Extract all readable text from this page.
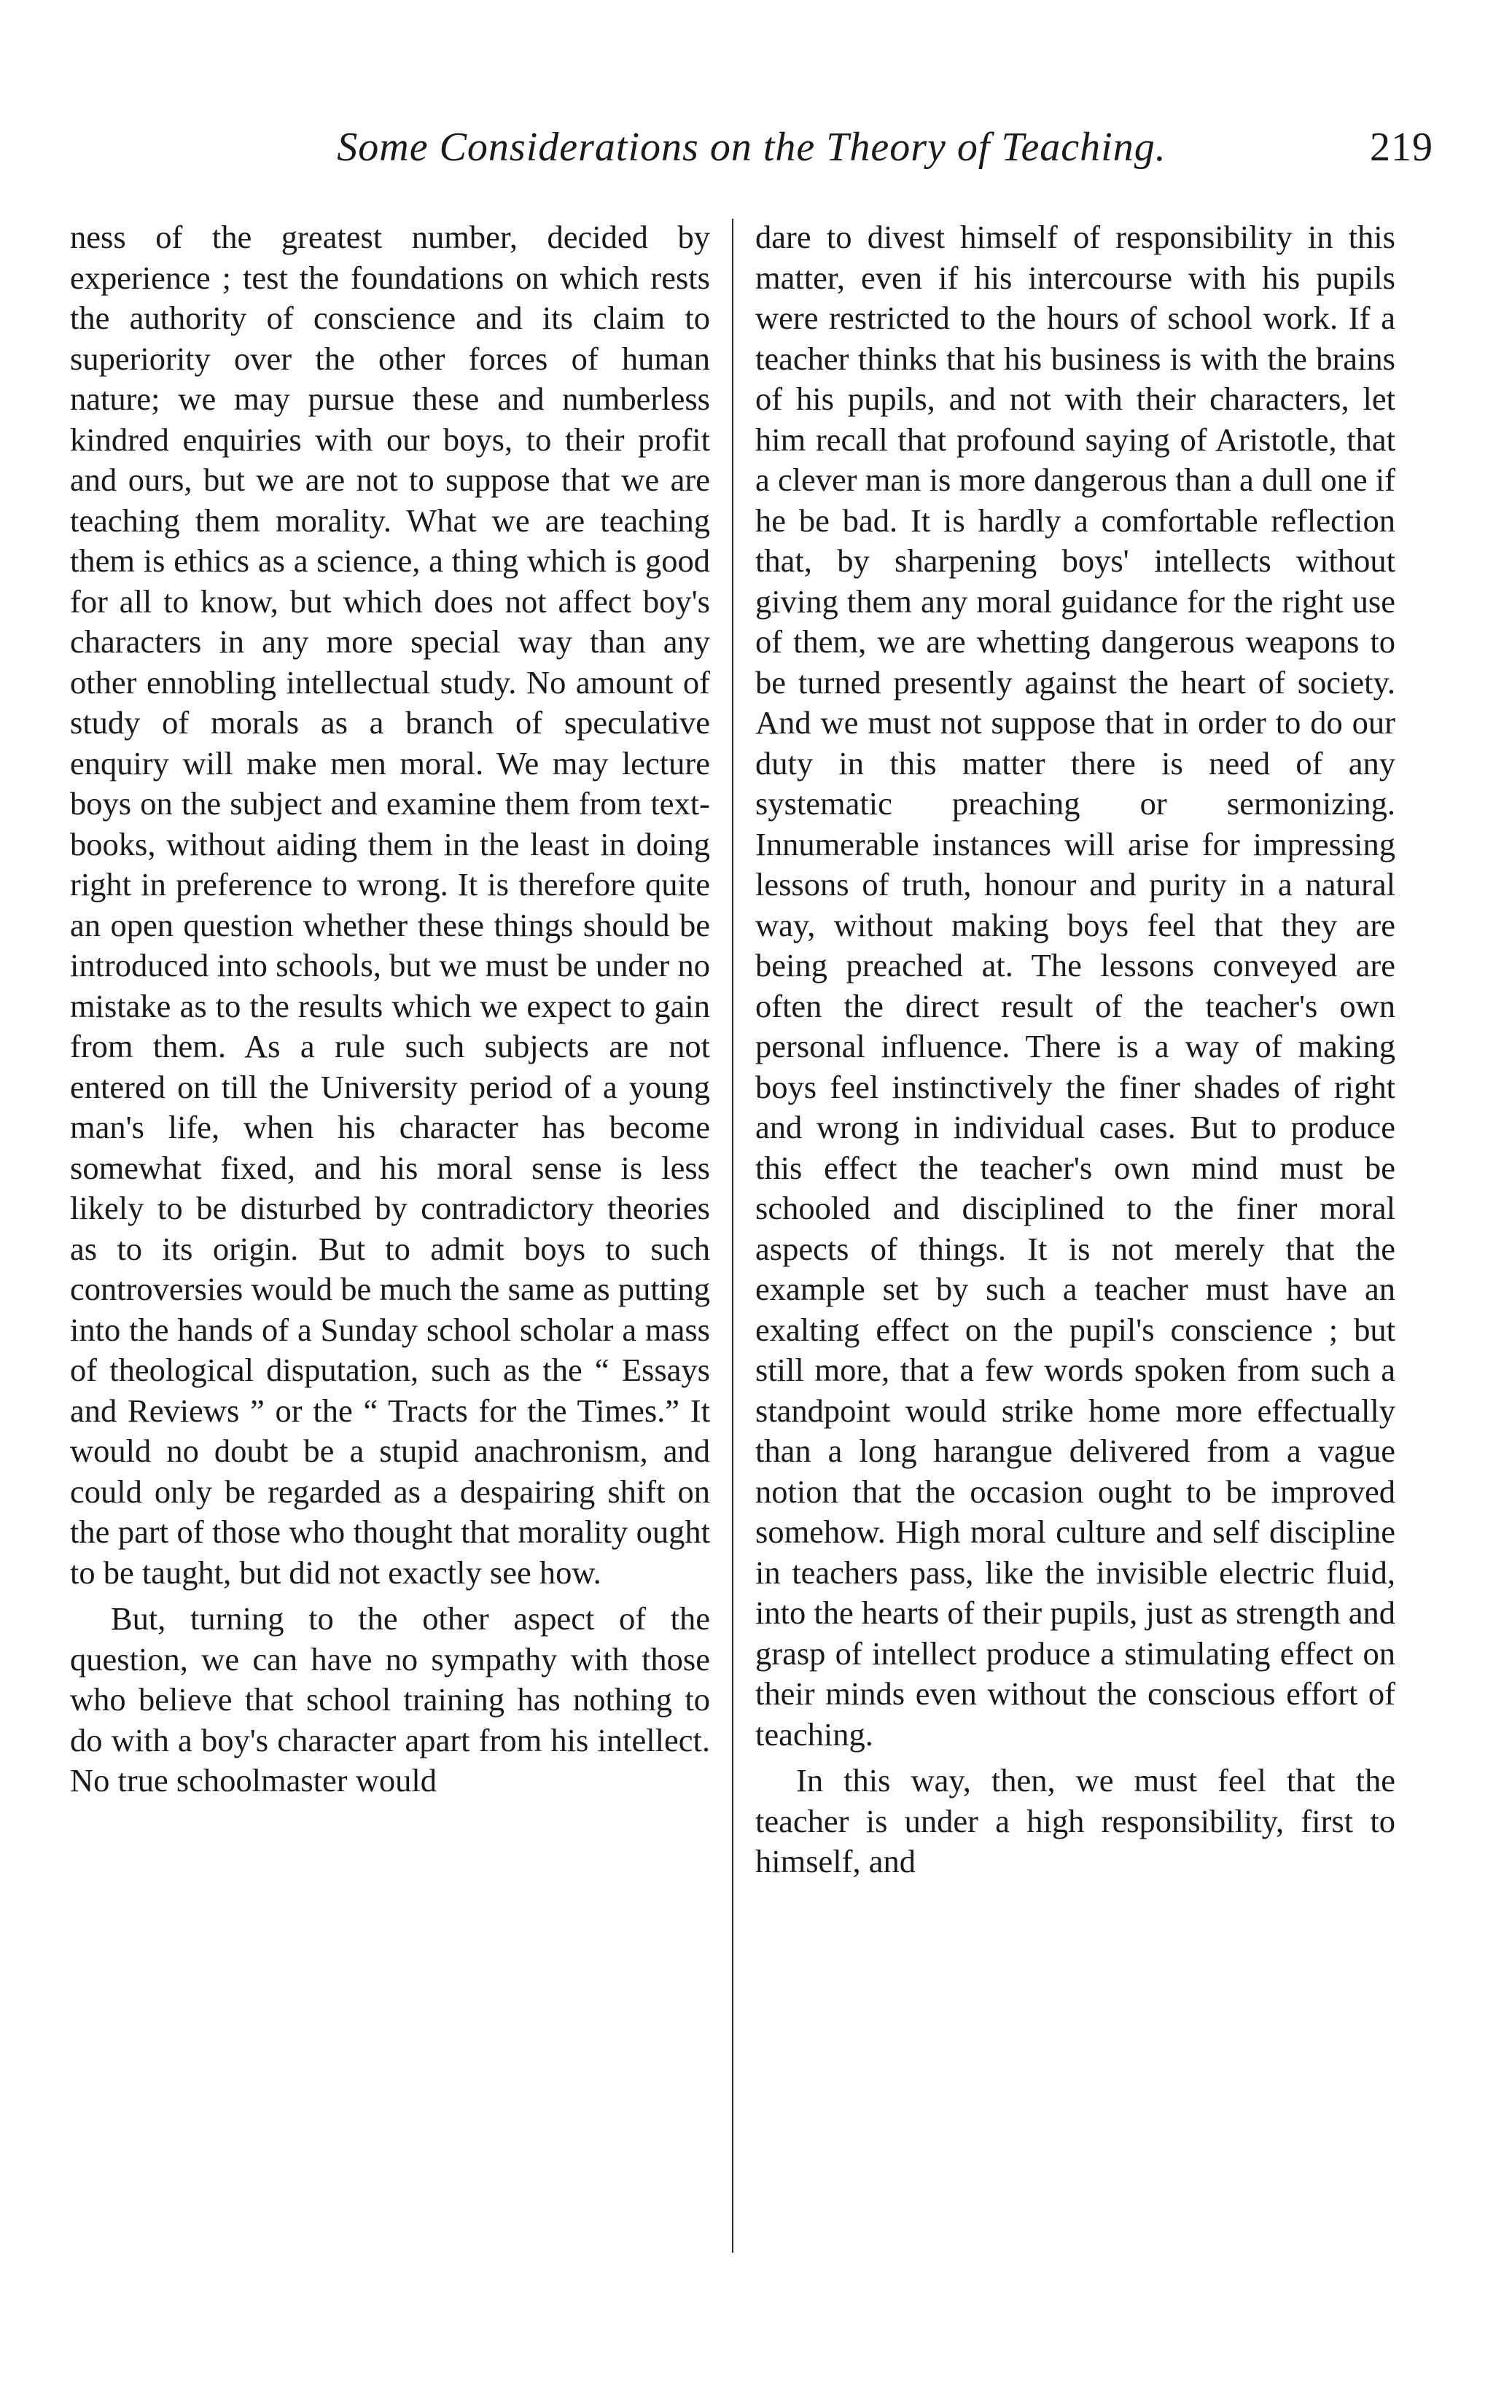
Some Considerations on the Theory of Teaching.	219

ness of the greatest number, decided by experience ; test the foundations on which rests the authority of conscience and its claim to superiority over the other forces of human nature; we may pursue these and numberless kindred enquiries with our boys, to their profit and ours, but we are not to suppose that we are teaching them morality. What we are teaching them is ethics as a science, a thing which is good for all to know, but which does not affect boy's characters in any more special way than any other ennobling intellectual study. No amount of study of morals as a branch of speculative enquiry will make men moral. We may lecture boys on the subject and examine them from text-books, without aiding them in the least in doing right in preference to wrong. It is therefore quite an open question whether these things should be introduced into schools, but we must be under no mistake as to the results which we expect to gain from them. As a rule such subjects are not entered on till the University period of a young man's life, when his character has become somewhat fixed, and his moral sense is less likely to be disturbed by contradictory theories as to its origin. But to admit boys to such controversies would be much the same as putting into the hands of a Sunday school scholar a mass of theological disputation, such as the “ Essays and Reviews ” or the “ Tracts for the Times.” It would no doubt be a stupid anachronism, and could only be regarded as a despairing shift on the part of those who thought that morality ought to be taught, but did not exactly see how.

But, turning to the other aspect of the question, we can have no sympathy with those who believe that school training has nothing to do with a boy's character apart from his intellect. No true schoolmaster would

dare to divest himself of responsibility in this matter, even if his intercourse with his pupils were restricted to the hours of school work. If a teacher thinks that his business is with the brains of his pupils, and not with their characters, let him recall that profound saying of Aristotle, that a clever man is more dangerous than a dull one if he be bad. It is hardly a comfortable reflection that, by sharpening boys' intellects without giving them any moral guidance for the right use of them, we are whetting dangerous weapons to be turned presently against the heart of society. And we must not suppose that in order to do our duty in this matter there is need of any systematic preaching or sermonizing. Innumerable instances will arise for impressing lessons of truth, honour and purity in a natural way, without making boys feel that they are being preached at. The lessons conveyed are often the direct result of the teacher's own personal influence. There is a way of making boys feel instinctively the finer shades of right and wrong in individual cases. But to produce this effect the teacher's own mind must be schooled and disciplined to the finer moral aspects of things. It is not merely that the example set by such a teacher must have an exalting effect on the pupil's conscience ; but still more, that a few words spoken from such a standpoint would strike home more effectually than a long harangue delivered from a vague notion that the occasion ought to be improved somehow. High moral culture and self discipline in teachers pass, like the invisible electric fluid, into the hearts of their pupils, just as strength and grasp of intellect produce a stimulating effect on their minds even without the conscious effort of teaching.

In this way, then, we must feel that the teacher is under a high responsibility, first to himself, and
